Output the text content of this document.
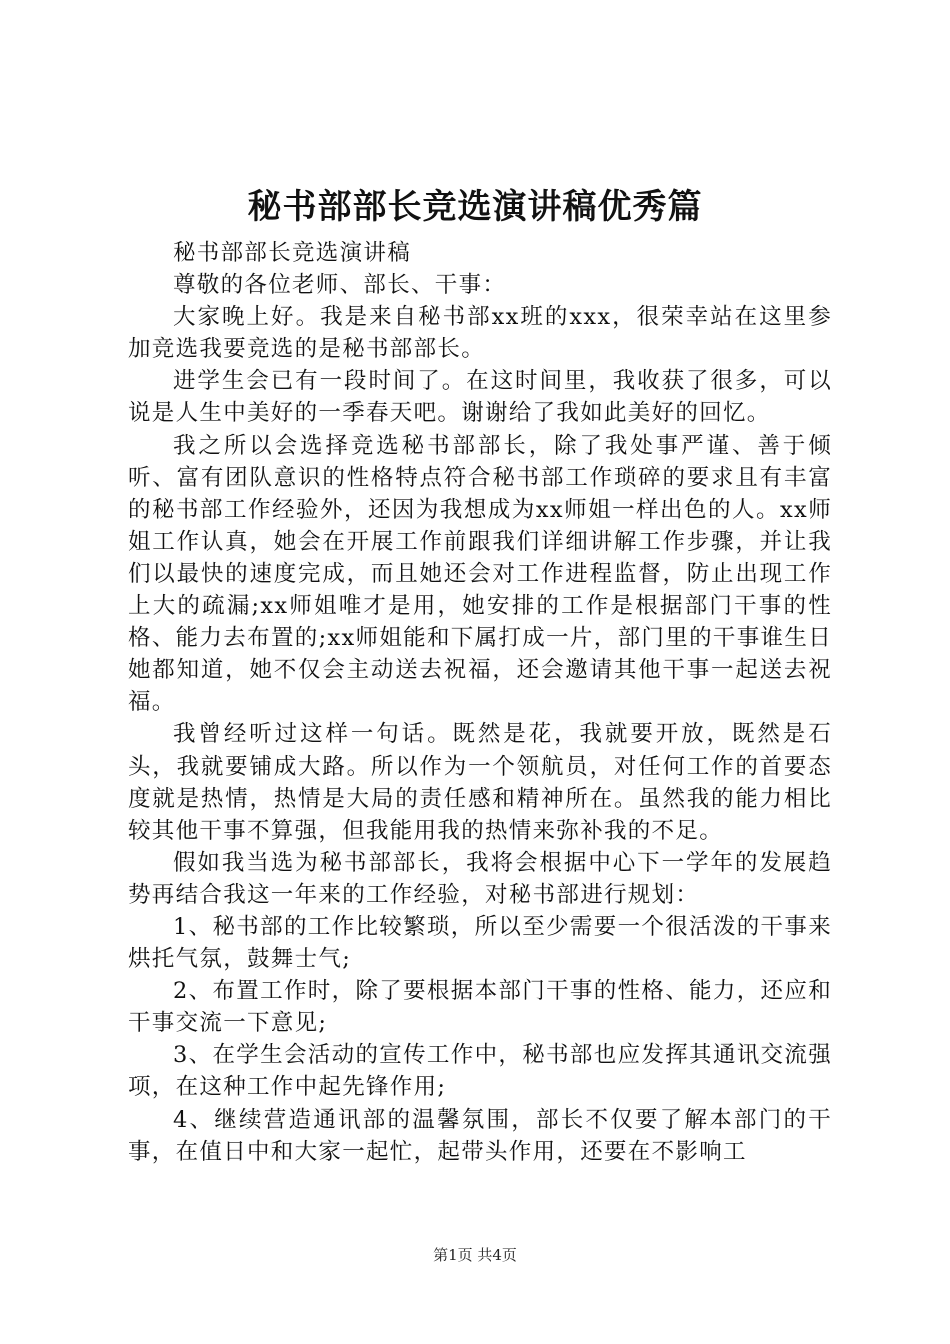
秘书部部长竞选演讲稿优秀篇

秘书部部长竞选演讲稿

尊敬的各位老师、部长、干事：

大家晚上好。我是来自秘书部xx班的xxx，很荣幸站在这里参加竞选我要竞选的是秘书部部长。

进学生会已有一段时间了。在这时间里，我收获了很多，可以说是人生中美好的一季春天吧。谢谢给了我如此美好的回忆。

我之所以会选择竞选秘书部部长，除了我处事严谨、善于倾听、富有团队意识的性格特点符合秘书部工作琐碎的要求且有丰富的秘书部工作经验外，还因为我想成为xx师姐一样出色的人。xx师姐工作认真，她会在开展工作前跟我们详细讲解工作步骤，并让我们以最快的速度完成，而且她还会对工作进程监督，防止出现工作上大的疏漏;xx师姐唯才是用，她安排的工作是根据部门干事的性格、能力去布置的;xx师姐能和下属打成一片，部门里的干事谁生日她都知道，她不仅会主动送去祝福，还会邀请其他干事一起送去祝福。

我曾经听过这样一句话。既然是花，我就要开放，既然是石头，我就要铺成大路。所以作为一个领航员，对任何工作的首要态度就是热情，热情是大局的责任感和精神所在。虽然我的能力相比较其他干事不算强，但我能用我的热情来弥补我的不足。

假如我当选为秘书部部长，我将会根据中心下一学年的发展趋势再结合我这一年来的工作经验，对秘书部进行规划：

1、秘书部的工作比较繁琐，所以至少需要一个很活泼的干事来烘托气氛，鼓舞士气;

2、布置工作时，除了要根据本部门干事的性格、能力，还应和干事交流一下意见;

3、在学生会活动的宣传工作中，秘书部也应发挥其通讯交流强项，在这种工作中起先锋作用;

4、继续营造通讯部的温馨氛围，部长不仅要了解本部门的干事，在值日中和大家一起忙，起带头作用，还要在不影响工

第1页 共4页
